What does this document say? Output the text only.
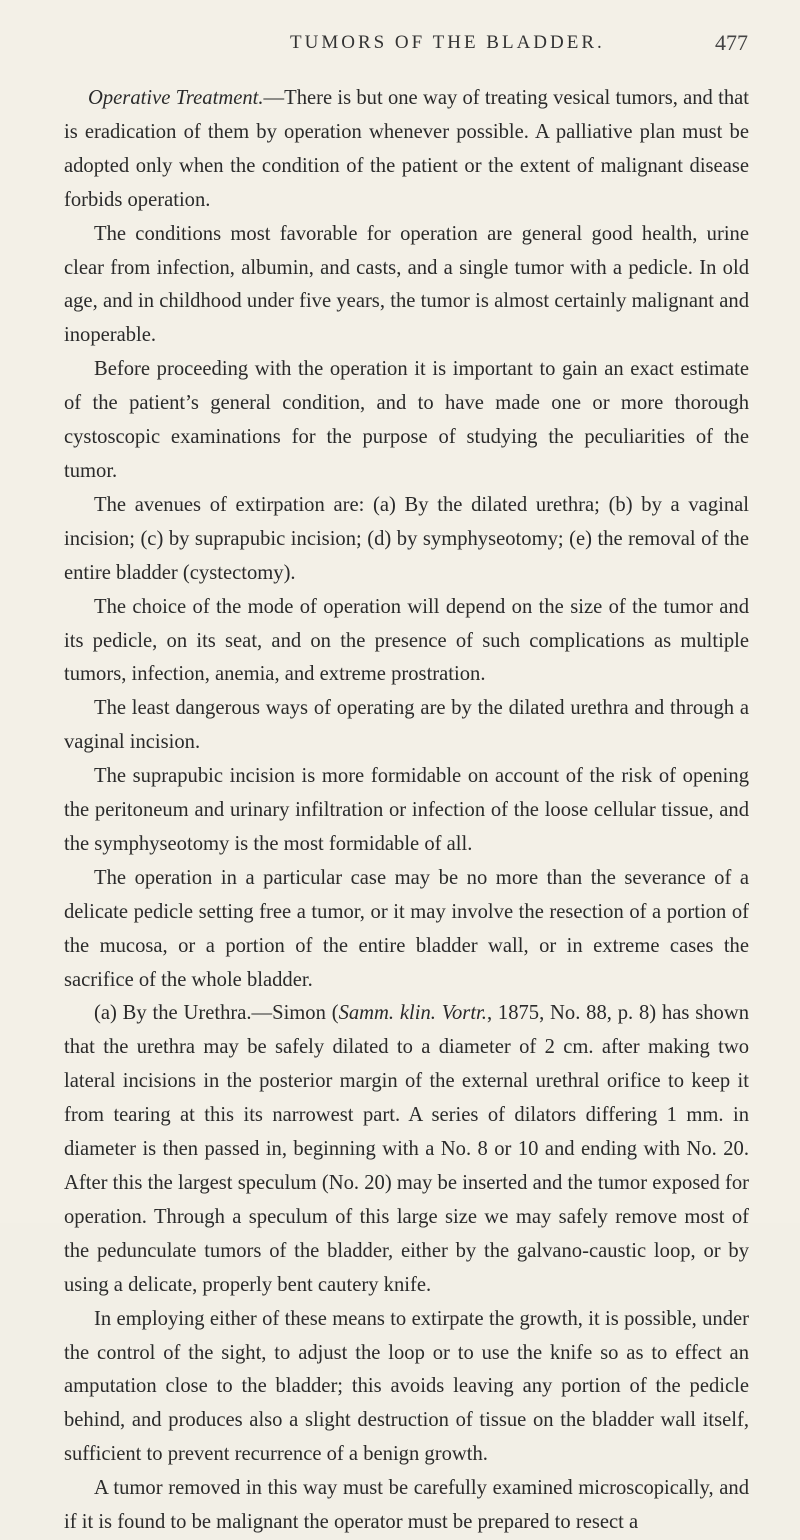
TUMORS OF THE BLADDER.	477

Operative Treatment.—There is but one way of treating vesical tumors, and that is eradication of them by operation whenever possible. A palliative plan must be adopted only when the condition of the patient or the extent of malignant disease forbids operation.

The conditions most favorable for operation are general good health, urine clear from infection, albumin, and casts, and a single tumor with a pedicle. In old age, and in childhood under five years, the tumor is almost certainly malignant and inoperable.

Before proceeding with the operation it is important to gain an exact estimate of the patient’s general condition, and to have made one or more thorough cystoscopic examinations for the purpose of studying the peculiarities of the tumor.

The avenues of extirpation are: (a) By the dilated urethra; (b) by a vaginal incision; (c) by suprapubic incision; (d) by symphyseotomy; (e) the removal of the entire bladder (cystectomy).

The choice of the mode of operation will depend on the size of the tumor and its pedicle, on its seat, and on the presence of such complications as multiple tumors, infection, anemia, and extreme prostration.

The least dangerous ways of operating are by the dilated urethra and through a vaginal incision.

The suprapubic incision is more formidable on account of the risk of opening the peritoneum and urinary infiltration or infection of the loose cellular tissue, and the symphyseotomy is the most formidable of all.

The operation in a particular case may be no more than the severance of a delicate pedicle setting free a tumor, or it may involve the resection of a portion of the mucosa, or a portion of the entire bladder wall, or in extreme cases the sacrifice of the whole bladder.

(a) By the Urethra.—Simon (Samm. klin. Vortr., 1875, No. 88, p. 8) has shown that the urethra may be safely dilated to a diameter of 2 cm. after making two lateral incisions in the posterior margin of the external urethral orifice to keep it from tearing at this its narrowest part. A series of dilators differing 1 mm. in diameter is then passed in, beginning with a No. 8 or 10 and ending with No. 20. After this the largest speculum (No. 20) may be inserted and the tumor exposed for operation. Through a speculum of this large size we may safely remove most of the pedunculate tumors of the bladder, either by the galvano-caustic loop, or by using a delicate, properly bent cautery knife.

In employing either of these means to extirpate the growth, it is possible, under the control of the sight, to adjust the loop or to use the knife so as to effect an amputation close to the bladder; this avoids leaving any portion of the pedicle behind, and produces also a slight destruction of tissue on the bladder wall itself, sufficient to prevent recurrence of a benign growth.

A tumor removed in this way must be carefully examined microscopically, and if it is found to be malignant the operator must be prepared to resect a
